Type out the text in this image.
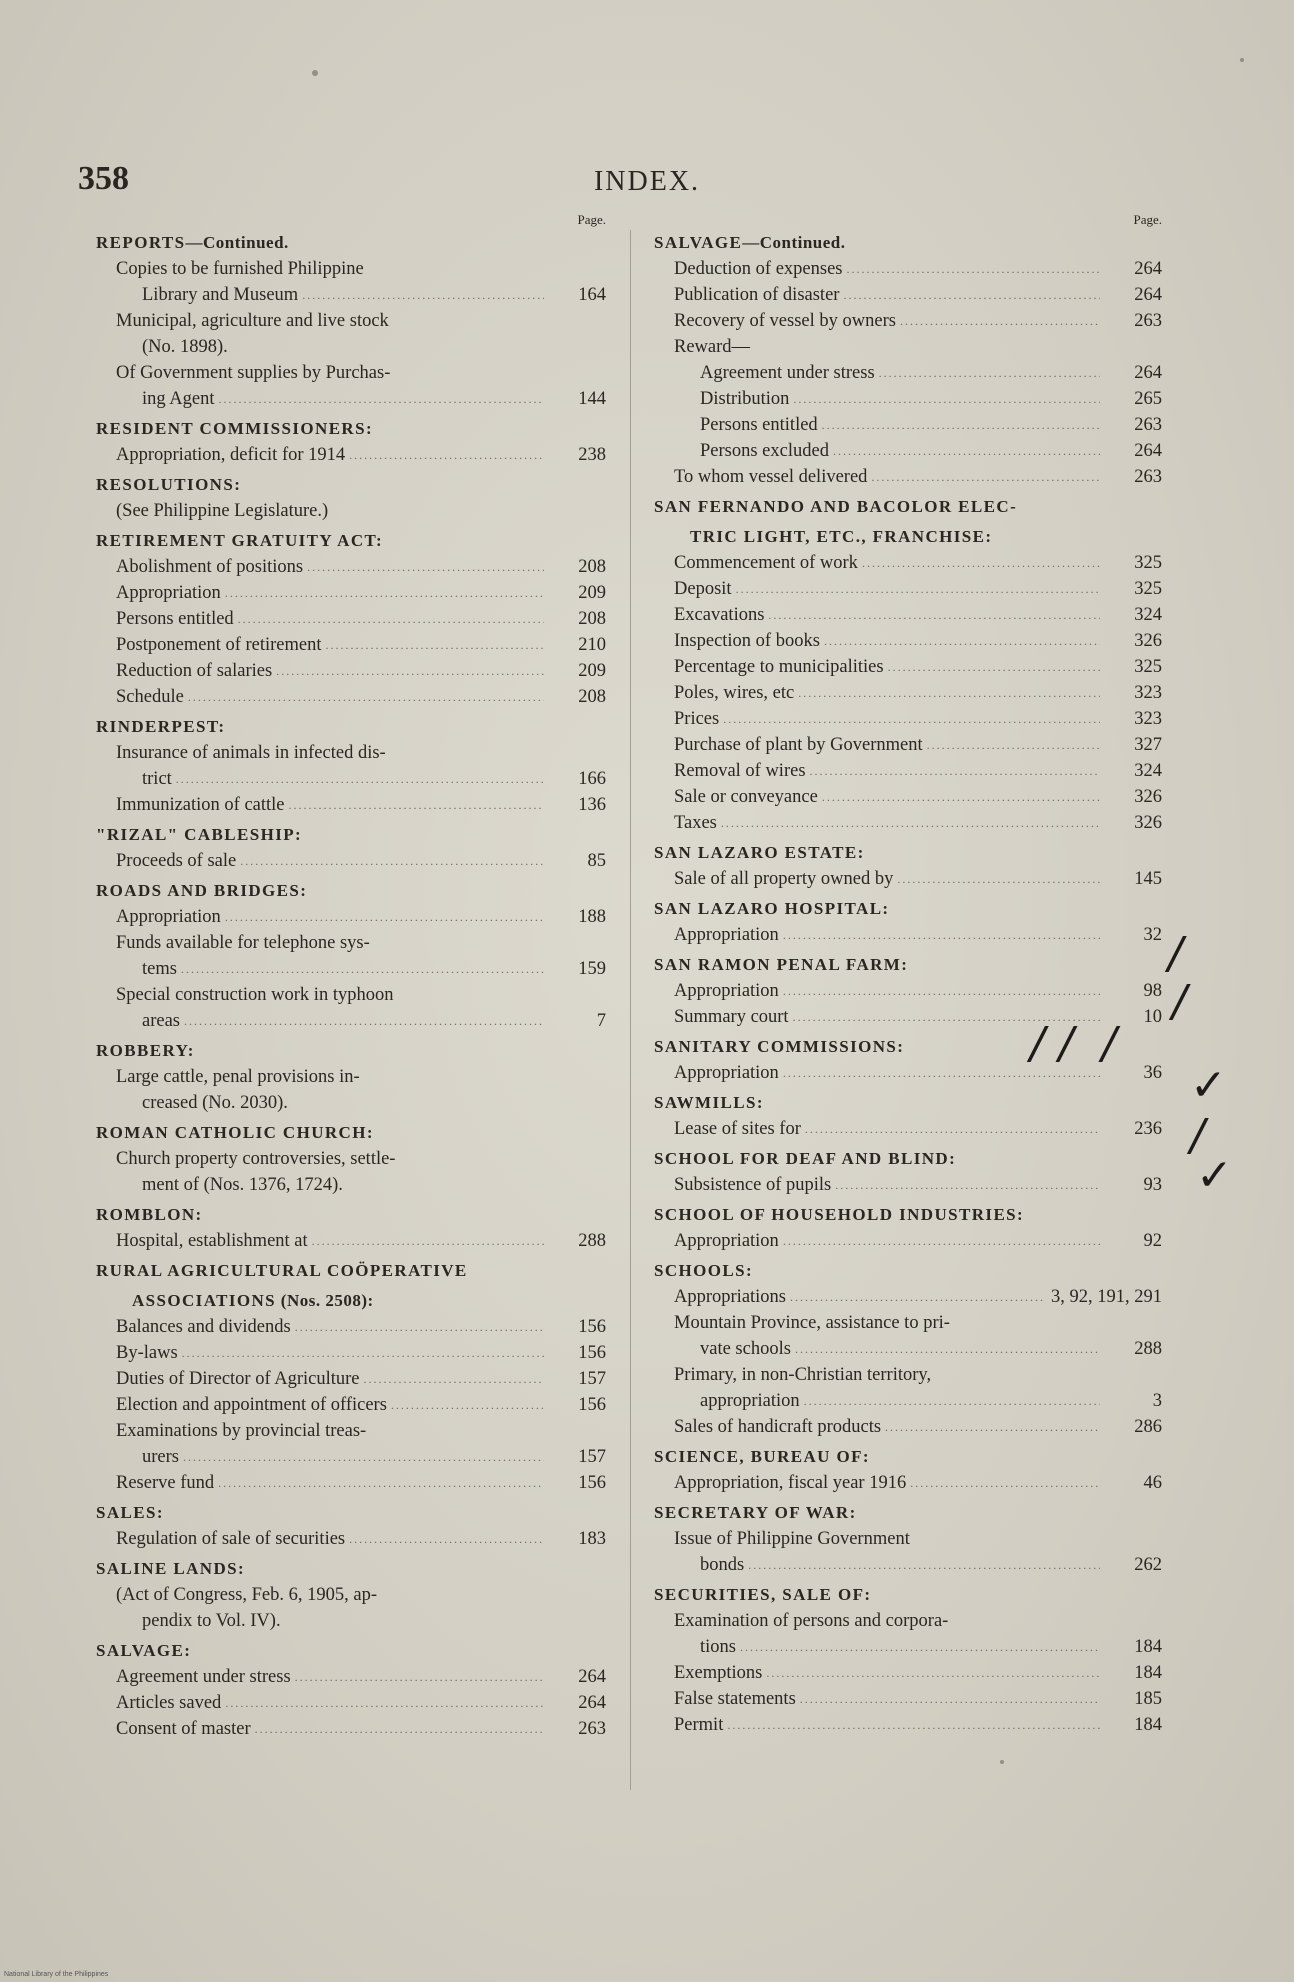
358	INDEX.
Page.
REPORTS—Continued.
Copies to be furnished Philippine
Library and Museum .....	164
Municipal, agriculture and live stock
(No. 1898).
Of Government supplies by Purchas-
ing Agent .....	144
RESIDENT COMMISSIONERS:
Appropriation, deficit for 1914 .....	238
RESOLUTIONS:
(See Philippine Legislature.)
RETIREMENT GRATUITY ACT:
Abolishment of positions .....	208
Appropriation .....	209
Persons entitled .....	208
Postponement of retirement .....	210
Reduction of salaries .....	209
Schedule .....	208
RINDERPEST:
Insurance of animals in infected dis-
trict .....	166
Immunization of cattle .....	136
"RIZAL" CABLESHIP:
Proceeds of sale .....	85
ROADS AND BRIDGES:
Appropriation .....	188
Funds available for telephone sys-
tems .....	159
Special construction work in typhoon
areas .....	7
ROBBERY:
Large cattle, penal provisions in-
creased (No. 2030).
ROMAN CATHOLIC CHURCH:
Church property controversies, settle-
ment of (Nos. 1376, 1724).
ROMBLON:
Hospital, establishment at .....	288
RURAL AGRICULTURAL COÖPERATIVE
ASSOCIATIONS (Nos. 2508):
Balances and dividends .....	156
By-laws .....	156
Duties of Director of Agriculture .....	157
Election and appointment of officers .....	156
Examinations by provincial treas-
urers .....	157
Reserve fund .....	156
SALES:
Regulation of sale of securities .....	183
SALINE LANDS:
(Act of Congress, Feb. 6, 1905, ap-
pendix to Vol. IV).
SALVAGE:
Agreement under stress .....	264
Articles saved .....	264
Consent of master .....	263
Page.
SALVAGE—Continued.
Deduction of expenses .....	264
Publication of disaster .....	264
Recovery of vessel by owners .....	263
Reward—
Agreement under stress .....	264
Distribution .....	265
Persons entitled .....	263
Persons excluded .....	264
To whom vessel delivered .....	263
SAN FERNANDO AND BACOLOR ELEC-
TRIC LIGHT, ETC., FRANCHISE:
Commencement of work .....	325
Deposit .....	325
Excavations .....	324
Inspection of books .....	326
Percentage to municipalities .....	325
Poles, wires, etc .....	323
Prices .....	323
Purchase of plant by Government .....	327
Removal of wires .....	324
Sale or conveyance .....	326
Taxes .....	326
SAN LAZARO ESTATE:
Sale of all property owned by .....	145
SAN LAZARO HOSPITAL:
Appropriation .....	32
SAN RAMON PENAL FARM:
Appropriation .....	98
Summary court .....	10
SANITARY COMMISSIONS:
Appropriation .....	36
SAWMILLS:
Lease of sites for .....	236
SCHOOL FOR DEAF AND BLIND:
Subsistence of pupils .....	93
SCHOOL OF HOUSEHOLD INDUSTRIES:
Appropriation .....	92
SCHOOLS:
Appropriations .....	3, 92, 191, 291
Mountain Province, assistance to pri-
vate schools .....	288
Primary, in non-Christian territory,
appropriation .....	3
Sales of handicraft products .....	286
SCIENCE, BUREAU OF:
Appropriation, fiscal year 1916 .....	46
SECRETARY OF WAR:
Issue of Philippine Government
bonds .....	262
SECURITIES, SALE OF:
Examination of persons and corpora-
tions .....	184
Exemptions .....	184
False statements .....	185
Permit .....	184
/
/
/ /  /
✓
/
✓
National Library of the Philippines
